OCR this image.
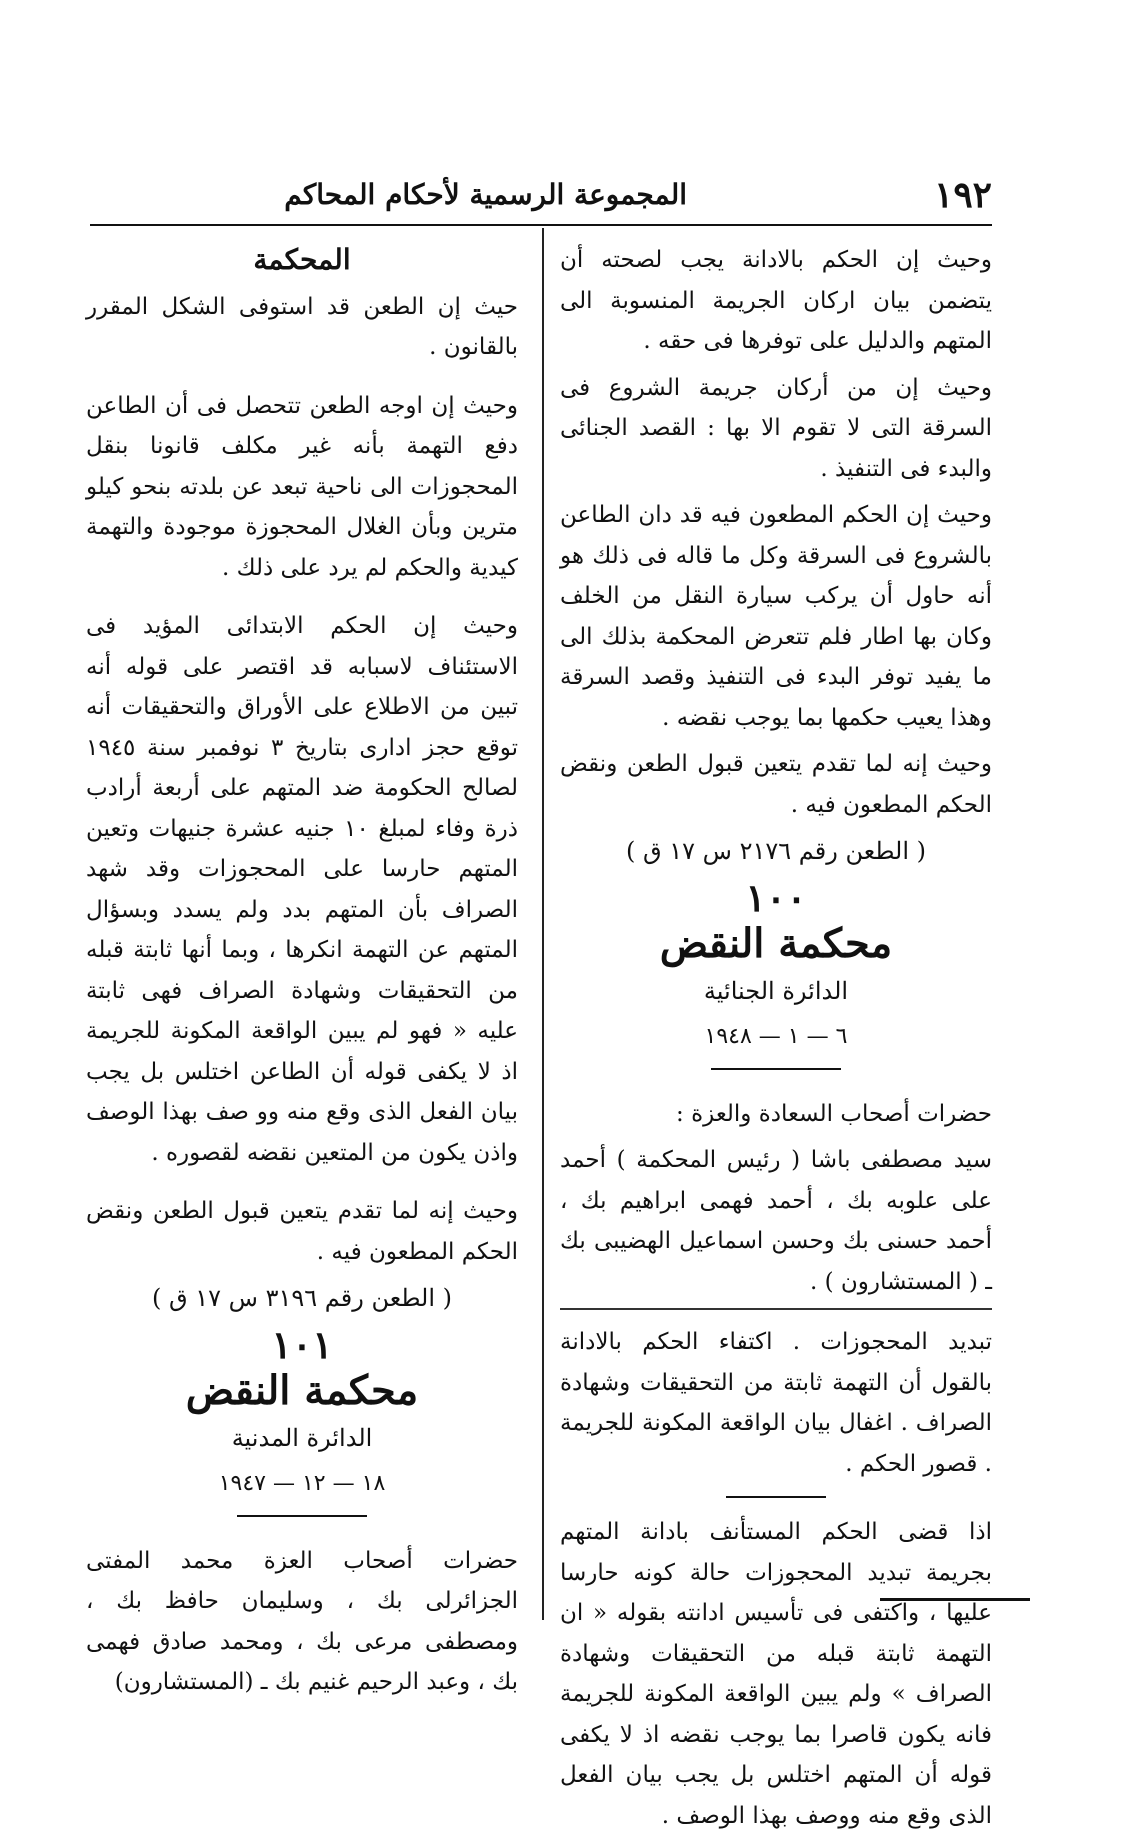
١٩٢
المجموعة الرسمية لأحكام المحاكم

وحيث إن الحكم بالادانة يجب لصحته أن يتضمن بيان اركان الجريمة المنسوبة الى المتهم والدليل على توفرها فى حقه .

وحيث إن من أركان جريمة الشروع فى السرقة التى لا تقوم الا بها : القصد الجنائى والبدء فى التنفيذ .

وحيث إن الحكم المطعون فيه قد دان الطاعن بالشروع فى السرقة وكل ما قاله فى ذلك هو أنه حاول أن يركب سيارة النقل من الخلف وكان بها اطار فلم تتعرض المحكمة بذلك الى ما يفيد توفر البدء فى التنفيذ وقصد السرقة وهذا يعيب حكمها بما يوجب نقضه .

وحيث إنه لما تقدم يتعين قبول الطعن ونقض الحكم المطعون فيه .

( الطعن رقم ٢١٧٦ س ١٧ ق )

١٠٠

محكمة النقض

الدائرة الجنائية

٦ — ١ — ١٩٤٨

حضرات أصحاب السعادة والعزة :

سيد مصطفى باشا ( رئيس المحكمة ) أحمد على علوبه بك ، أحمد فهمى ابراهيم بك ، أحمد حسنى بك وحسن اسماعيل الهضيبى بك ـ ( المستشارون ) .

تبديد المحجوزات . اكتفاء الحكم بالادانة بالقول أن التهمة ثابتة من التحقيقات وشهادة الصراف . اغفال بيان الواقعة المكونة للجريمة . قصور الحكم .

اذا قضى الحكم المستأنف بادانة المتهم بجريمة تبديد المحجوزات حالة كونه حارسا عليها ، واكتفى فى تأسيس ادانته بقوله « ان التهمة ثابتة قبله من التحقيقات وشهادة الصراف » ولم يبين الواقعة المكونة للجريمة فانه يكون قاصرا بما يوجب نقضه اذ لا يكفى قوله أن المتهم اختلس بل يجب بيان الفعل الذى وقع منه ووصف بهذا الوصف .

المحكمة

حيث إن الطعن قد استوفى الشكل المقرر بالقانون .

وحيث إن اوجه الطعن تتحصل فى أن الطاعن دفع التهمة بأنه غير مكلف قانونا بنقل المحجوزات الى ناحية تبعد عن بلدته بنحو كيلو مترين وبأن الغلال المحجوزة موجودة والتهمة كيدية والحكم لم يرد على ذلك .

وحيث إن الحكم الابتدائى المؤيد فى الاستئناف لاسبابه قد اقتصر على قوله أنه تبين من الاطلاع على الأوراق والتحقيقات أنه توقع حجز ادارى بتاريخ ٣ نوفمبر سنة ١٩٤٥ لصالح الحكومة ضد المتهم على أربعة أرادب ذرة وفاء لمبلغ ١٠ جنيه عشرة جنيهات وتعين المتهم حارسا على المحجوزات وقد شهد الصراف بأن المتهم بدد ولم يسدد وبسؤال المتهم عن التهمة انكرها ، وبما أنها ثابتة قبله من التحقيقات وشهادة الصراف فهى ثابتة عليه « فهو لم يبين الواقعة المكونة للجريمة اذ لا يكفى قوله أن الطاعن اختلس بل يجب بيان الفعل الذى وقع منه وو صف بهذا الوصف واذن يكون من المتعين نقضه لقصوره .

وحيث إنه لما تقدم يتعين قبول الطعن ونقض الحكم المطعون فيه .

( الطعن رقم ٣١٩٦ س ١٧ ق )

١٠١

محكمة النقض

الدائرة المدنية

١٨ — ١٢ — ١٩٤٧

حضرات أصحاب العزة محمد المفتى الجزائرلى بك ، وسليمان حافظ بك ، ومصطفى مرعى بك ، ومحمد صادق فهمى بك ، وعبد الرحيم غنيم بك ـ (المستشارون)
